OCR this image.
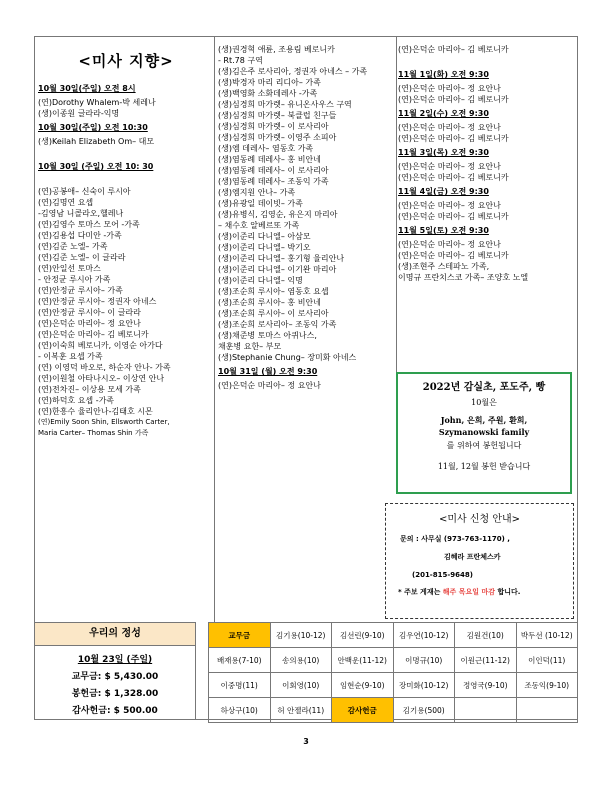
<미사 지향>
10월 30일(주일) 오전 8시
(연)Dorothy Whalem-박 세레나
(생)이종원 글라라-익명
10월 30일(주일) 오전 10:30
(생)Keilah Elizabeth Om– 대모
10월 30일 (주일) 오전 10: 30
(연)공봉애– 신숙이 루시아
(연)김명연 요셉
-김영남 니콜라오,헬레나
(연)김영수 토마스 모어 -가족
(연)김용섭 다미안 -가족
(연)김준 노엘– 가족
(연)김준 노엘– 이 글라라
(연)안일선 토마스
- 안정균 루시아 가족
(연)안정균 루시아– 가족
(연)안정균 루시아– 정권자 아네스
(연)안정균 루시아– 이 글라라
(연)은덕순 마리아– 정 요안나
(연)은덕순 마리아– 김 베로니카
(연)이숙희 베로니카, 이영순 아가다
- 이복훈 요셉 가족
(연) 이영덕 바오로, 하순자 안나- 가족
(연)이원철 아타나시오– 이상연 안나
(연)전차진– 이상용 모세 가족
(연)하덕호 요셉 -가족
(연)한흥수 율리안나-김태호 시몬
(연)Emily Soon Shin, Ellsworth Carter,
Maria Carter– Thomas Shin 가족
(생)권경혁 애륜, 조용림 베로니카
- Rt.78 구역
(생)김은주 로사리아, 정권자 아네스 – 가족
(생)박경자 마리 리디아– 가족
(생)백영화 소화데레사 -가족
(생)심경희 마가렛– 유니온사우스 구역
(생)심경희 마가렛– 북클럽 친구들
(생)심경희 마가렛– 이 로사리아
(생)심경희 마가렛– 이영주 소피아
(생)엠 데레사– 염동호 가족
(생)염동례 데레사– 홍 비안네
(생)염동례 데레사– 이 로사리아
(생)염동례 데레사– 조동익 가족
(생)엠지원 안나– 가족
(생)유광일 데이빗– 가족
(생)유병식, 김영순, 유은지 마리아
– 채수호 알베르또 가족
(생)이준리 다니엘– 아삼모
(생)이준리 다니엘– 박기오
(생)이준리 다니엘– 홍기형 율리안나
(생)이준리 다니엘– 이기완 마리아
(생)이준리 다니엘– 익명
(생)조순희 루시아– 염동호 요셉
(생)조순희 루시아– 홍 비안네
(생)조순희 루시아– 이 로사리아
(생)조순희 로사리아– 조동익 가족
(생)채준병 토마스 아퀴나스,
채훈병 요한– 부모
(생)Stephanie Chung– 장미화 아네스
10월 31일 (월) 오전 9:30
(연)은덕순 마리아– 정 요안나
(연)은덕순 마리아– 김 베로니카
11월 1일(화) 오전 9:30
(연)은덕순 마리아– 정 요안나
(연)은덕순 마리아– 김 베로니카
11월 2일(수) 오전 9:30
(연)은덕순 마리아– 정 요안나
(연)은덕순 마리아– 김 베로니카
11월 3일(목) 오전 9:30
(연)은덕순 마리아– 정 요안나
(연)은덕순 마리아– 김 베로니카
11월 4일(금) 오전 9:30
(연)은덕순 마리아– 정 요안나
(연)은덕순 마리아– 김 베로니카
11월 5일(토) 오전 9:30
(연)은덕순 마리아– 정 요안나
(연)은덕순 마리아– 김 베로니카
(생)조현주 스테파노 가족,
이명규 프란치스코 가족– 조양호 노엘
2022년 감실초, 포도주, 빵
10월은
John, 은희, 주원, 환희,
Szymanowski family
를 위하여 봉헌됩니다
11월, 12월 봉헌 받습니다
<미사 신청 안내>
문의 : 사무실 (973-763-1170) ,
김혜라 프란체스카
(201-815-9648)
* 주보 게재는 해주 목요일 마감 합니다.
우리의 정성
10월 23일 (주일)
교무금: $ 5,430.00
봉헌금: $ 1,328.00
감사헌금: $ 500.00
교무금	김기용(10-12)	김선린(9-10)	김우연(10-12)	김원건(10)	박두선 (10-12)
배재용(7-10)	송의용(10)	안백운(11-12)	이명규(10)	이원근(11-12)	이인덕(11)
이중명(11)	이회영(10)	임현순(9-10)	장미화(10-12)	정영국(9-10)	조동익(9-10)
하상구(10)	허 안젤라(11)	감사헌금	김기용(500)		
3
